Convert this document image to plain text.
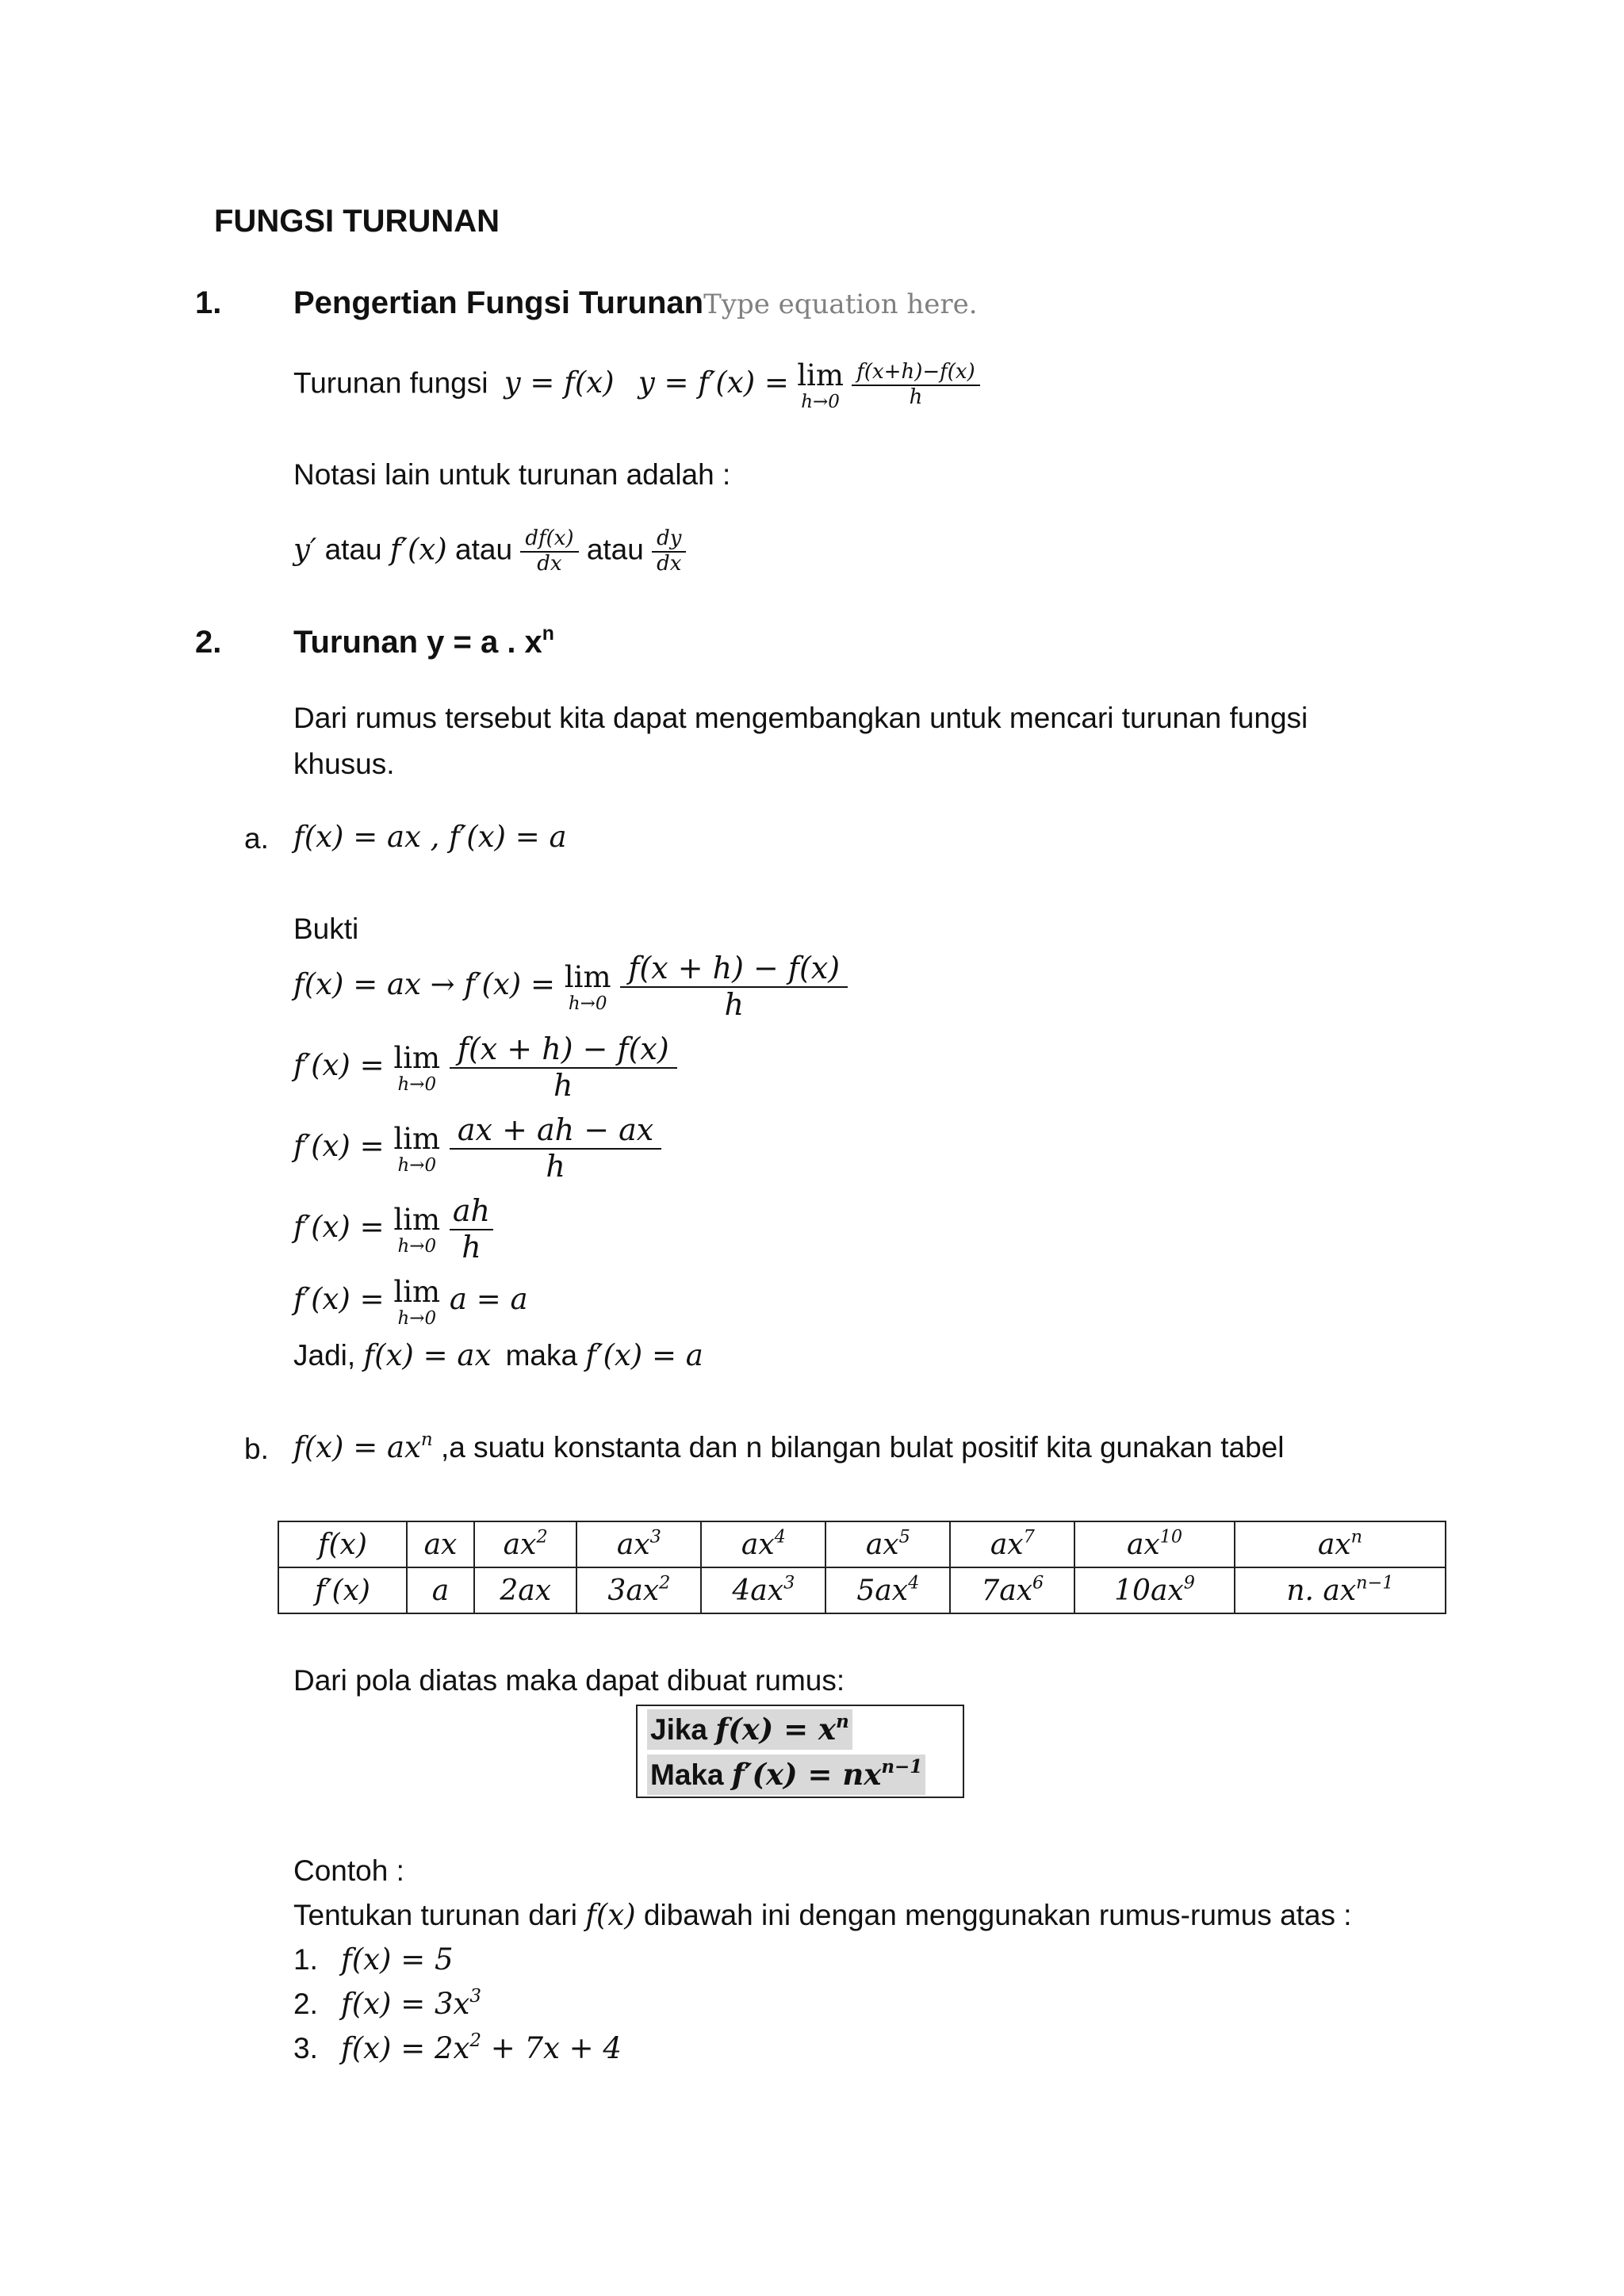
FUNGSI TURUNAN
1. Pengertian Fungsi TurunanType equation here.
Turunan fungsi y = f(x) y = f′(x) = lim
h→0
$\frac{f(x+h)-f(x)}{h}$
Notasi lain untuk turunan adalah :
y′ atau f′(x) atau $\frac{df(x)}{dx}$ atau $\frac{dy}{dx}$
2. Turunan y = a . $x^n$
Dari rumus tersebut kita dapat mengembangkan untuk mencari turunan fungsi
khusus.
a. f(x) = ax , f′(x) = a
Bukti
f(x) = ax → f′(x) = lim
h→0
$\frac{f(x + h) - f(x)}{h}$
f′(x) = lim
h→0
$\frac{f(x + h) - f(x)}{h}$
f′(x) = lim
h→0
$\frac{ax + ah - ax}{h}$
f′(x) = lim
h→0
$\frac{ah}{h}$
f′(x) = lim
h→0
a = a
Jadi, f(x) = ax maka f′(x) = a
b. $f(x) = ax^n$ ,a suatu konstanta dan n bilangan bulat positif kita gunakan tabel
f(x)	ax	$ax^2$	$ax^3$	$ax^4$	$ax^5$	$ax^7$	$ax^{10}$	$ax^n$
f′(x)	a	2ax	$3ax^2$	$4ax^3$	$5ax^4$	$7ax^6$	$10ax^9$	n. $ax^{n-1}$
Dari pola diatas maka dapat dibuat rumus:
Jika $f(x) = x^n$
Maka $f'(x) = nx^{n-1}$
Contoh :
Tentukan turunan dari f(x) dibawah ini dengan menggunakan rumus-rumus atas :
1. f(x) = 5
2. $f(x) = 3x^3$
3. $f(x) = 2x^2 + 7x + 4$
